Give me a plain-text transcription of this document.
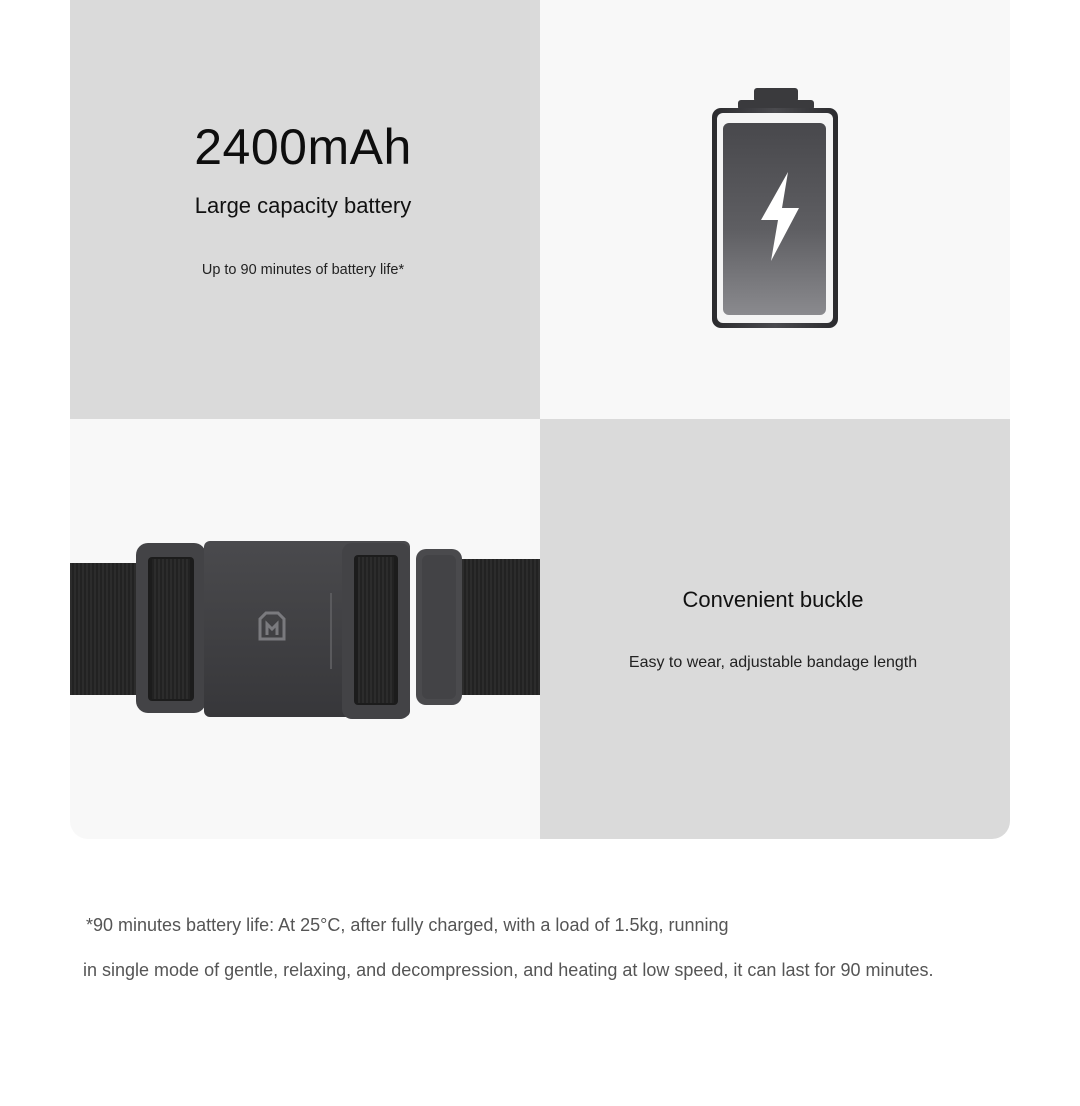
2400mAh
Large capacity battery
Up to 90 minutes of battery life*
Convenient buckle
Easy to wear, adjustable bandage length
*90 minutes battery life: At 25°C, after fully charged, with a load of 1.5kg, running
in single mode of gentle, relaxing, and decompression, and heating at low speed, it can last for 90 minutes.
